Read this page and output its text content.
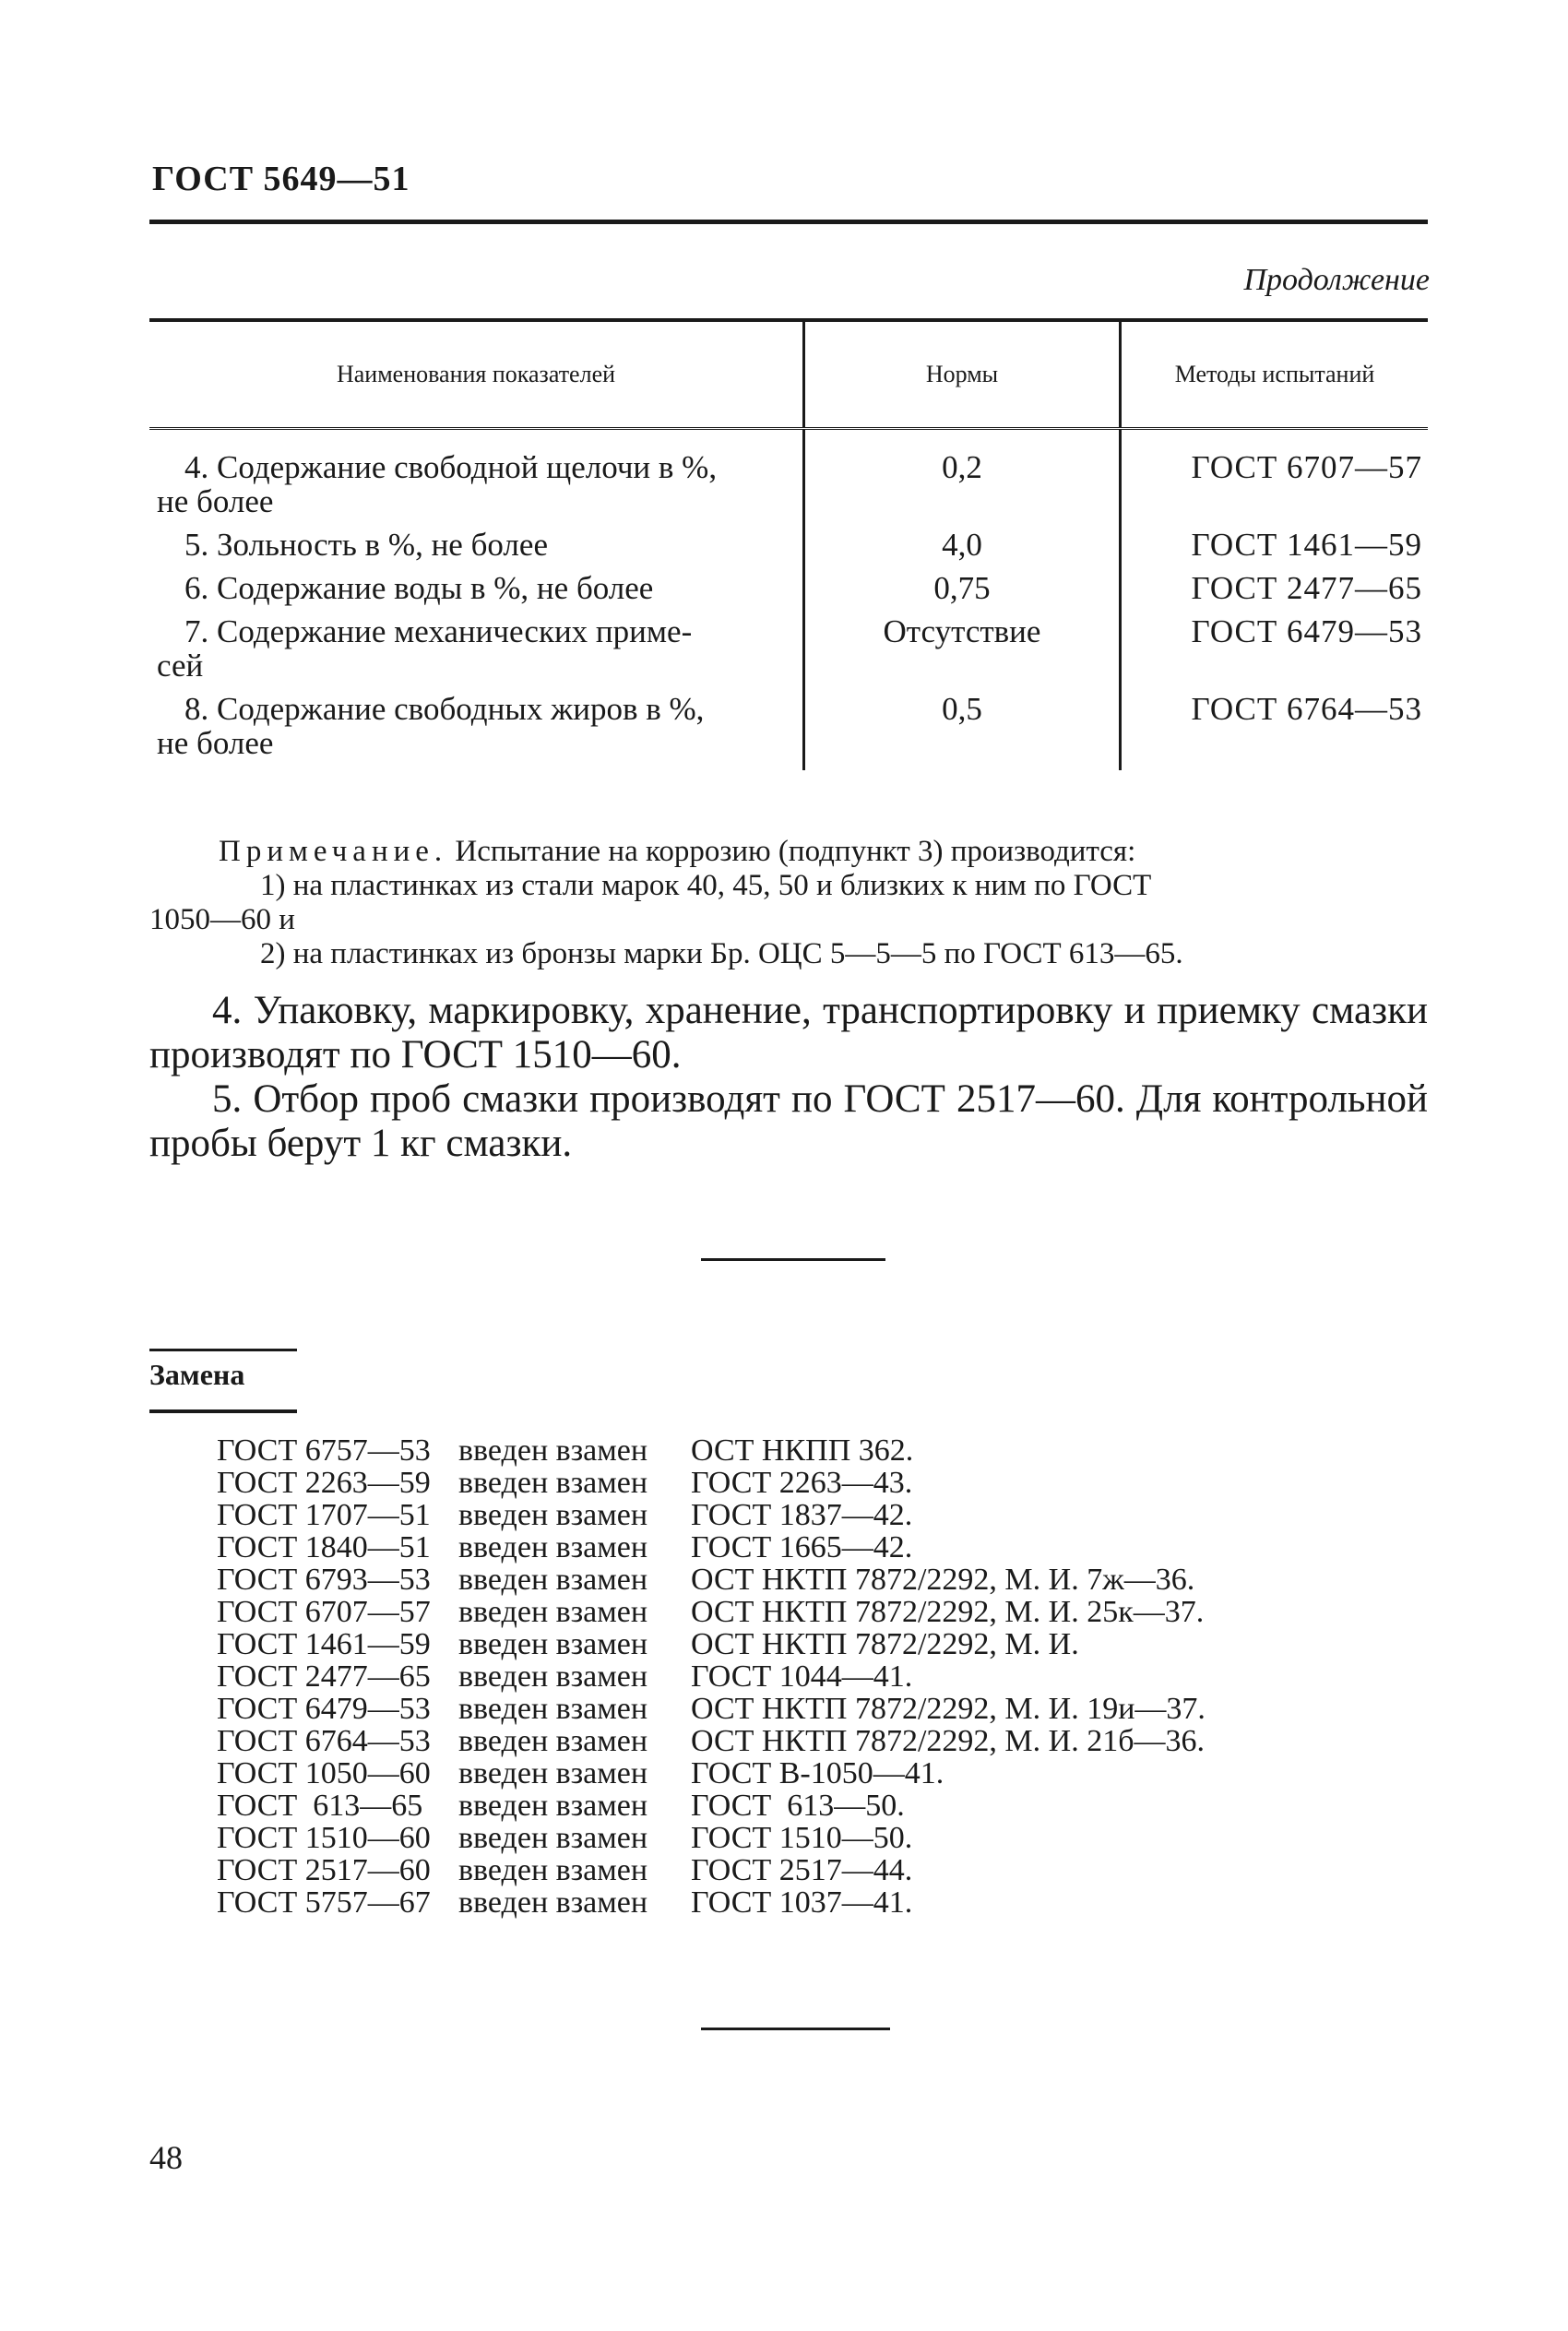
ГОСТ 5649—51
Продолжение
Наименования показателей	Нормы	Методы испытаний
4. Содержание свободной щелочи в %,
не более	0,2	ГОСТ 6707—57
5. Зольность в %, не более	4,0	ГОСТ 1461—59
6. Содержание воды в %, не более	0,75	ГОСТ 2477—65
7. Содержание механических приме-
сей	Отсутствие	ГОСТ 6479—53
8. Содержание свободных жиров в %,
не более	0,5	ГОСТ 6764—53

Примечание. Испытание на коррозию (подпункт 3) производится:

1) на пластинках из стали марок 40, 45, 50 и близких к ним по ГОСТ

1050—60 и

2) на пластинках из бронзы марки Бр. ОЦС 5—5—5 по ГОСТ 613—65.

4. Упаковку, маркировку, хранение, транспортировку и приемку смазки производят по ГОСТ 1510—60.

5. Отбор проб смазки производят по ГОСТ 2517—60. Для контрольной пробы берут 1 кг смазки.

Замена
ГОСТ 6757—53 введен взамен ОСТ НКПП 362.
ГОСТ 2263—59 введен взамен ГОСТ 2263—43.
ГОСТ 1707—51 введен взамен ГОСТ 1837—42.
ГОСТ 1840—51 введен взамен ГОСТ 1665—42.
ГОСТ 6793—53 введен взамен ОСТ НКТП 7872/2292, М. И. 7ж—36.
ГОСТ 6707—57 введен взамен ОСТ НКТП 7872/2292, М. И. 25к—37.
ГОСТ 1461—59 введен взамен ОСТ НКТП 7872/2292, М. И.
ГОСТ 2477—65 введен взамен ГОСТ 1044—41.
ГОСТ 6479—53 введен взамен ОСТ НКТП 7872/2292, М. И. 19и—37.
ГОСТ 6764—53 введен взамен ОСТ НКТП 7872/2292, М. И. 21б—36.
ГОСТ 1050—60 введен взамен ГОСТ В-1050—41.
ГОСТ  613—65 введен взамен ГОСТ  613—50.
ГОСТ 1510—60 введен взамен ГОСТ 1510—50.
ГОСТ 2517—60 введен взамен ГОСТ 2517—44.
ГОСТ 5757—67 введен взамен ГОСТ 1037—41.
48
